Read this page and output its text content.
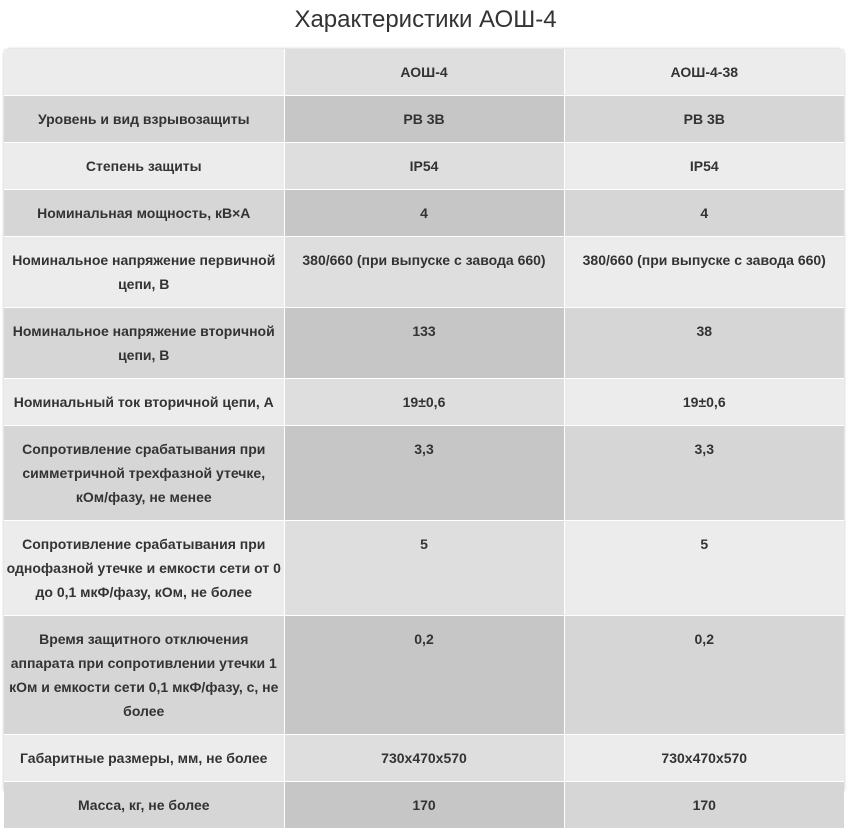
Характеристики АОШ-4
	АОШ-4	АОШ-4-38
Уровень и вид взрывозащиты	РВ 3В	РВ 3В
Степень защиты	IP54	IP54
Номинальная мощность, кВ×А	4	4
Номинальное напряжение первичной цепи, В	380/660 (при выпуске с завода 660)	380/660 (при выпуске с завода 660)
Номинальное напряжение вторичной цепи, В	133	38
Номинальный ток вторичной цепи, А	19±0,6	19±0,6
Сопротивление срабатывания при симметричной трехфазной утечке, кОм/фазу, не менее	3,3	3,3
Сопротивление срабатывания при однофазной утечке и емкости сети от 0 до 0,1 мкФ/фазу, кОм, не более	5	5
Время защитного отключения аппарата при сопротивлении утечки 1 кОм и емкости сети 0,1 мкФ/фазу, с, не более	0,2	0,2
Габаритные размеры, мм, не более	730х470х570	730х470х570
Масса, кг, не более	170	170
